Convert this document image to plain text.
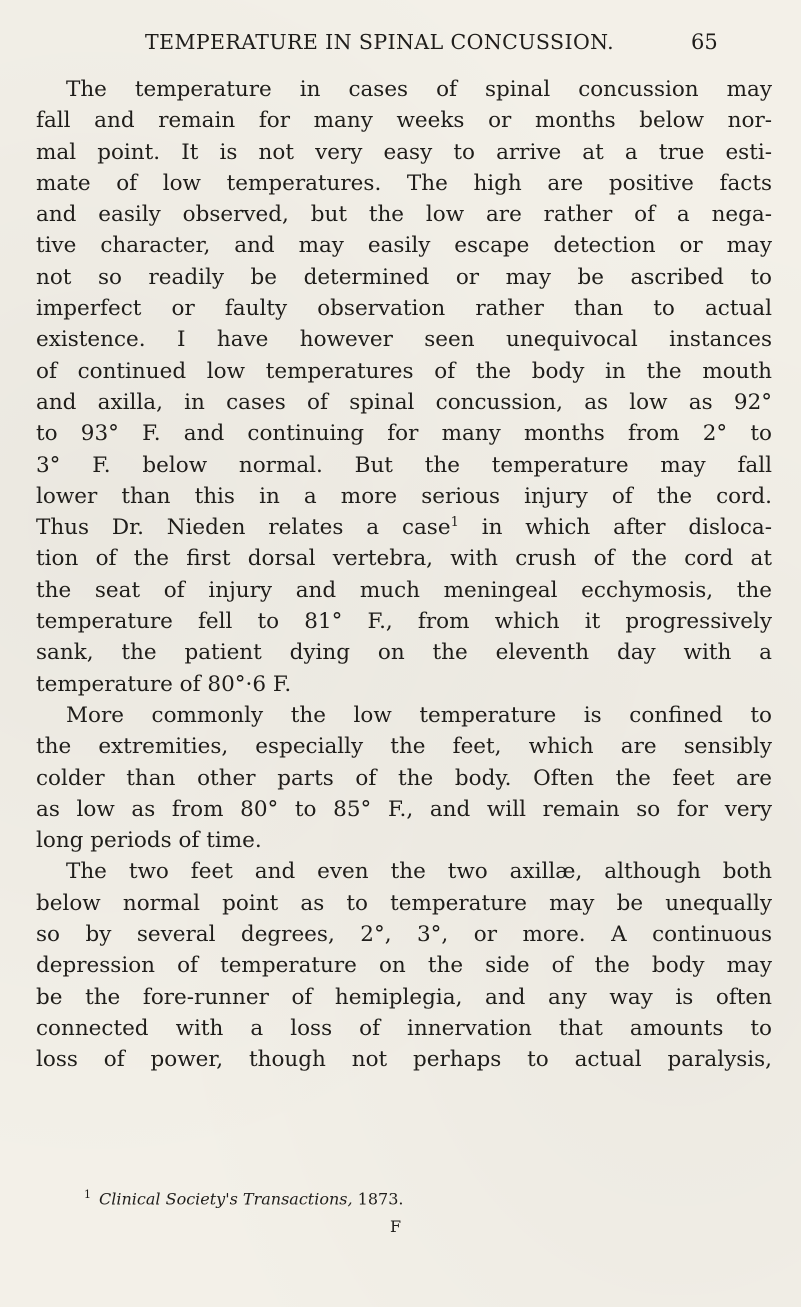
TEMPERATURE IN SPINAL CONCUSSION.	65
The temperature in cases of spinal concussion may
fall and remain for many weeks or months below nor-
mal point. It is not very easy to arrive at a true esti-
mate of low temperatures. The high are positive facts
and easily observed, but the low are rather of a nega-
tive character, and may easily escape detection or may
not so readily be determined or may be ascribed to
imperfect or faulty observation rather than to actual
existence. I have however seen unequivocal instances
of continued low temperatures of the body in the mouth
and axilla, in cases of spinal concussion, as low as 92°
to 93° F. and continuing for many months from 2° to
3° F. below normal. But the temperature may fall
lower than this in a more serious injury of the cord.
Thus Dr. Nieden relates a case$^1$ in which after disloca-
tion of the first dorsal vertebra, with crush of the cord at
the seat of injury and much meningeal ecchymosis, the
temperature fell to 81° F., from which it progressively
sank, the patient dying on the eleventh day with a
temperature of 80°·6 F.
More commonly the low temperature is confined to
the extremities, especially the feet, which are sensibly
colder than other parts of the body. Often the feet are
as low as from 80° to 85° F., and will remain so for very
long periods of time.
The two feet and even the two axillæ, although both
below normal point as to temperature may be unequally
so by several degrees, 2°, 3°, or more. A continuous
depression of temperature on the side of the body may
be the fore-runner of hemiplegia, and any way is often
connected with a loss of innervation that amounts to
loss of power, though not perhaps to actual paralysis,
$^1$ Clinical Society's Transactions, 1873.
F
